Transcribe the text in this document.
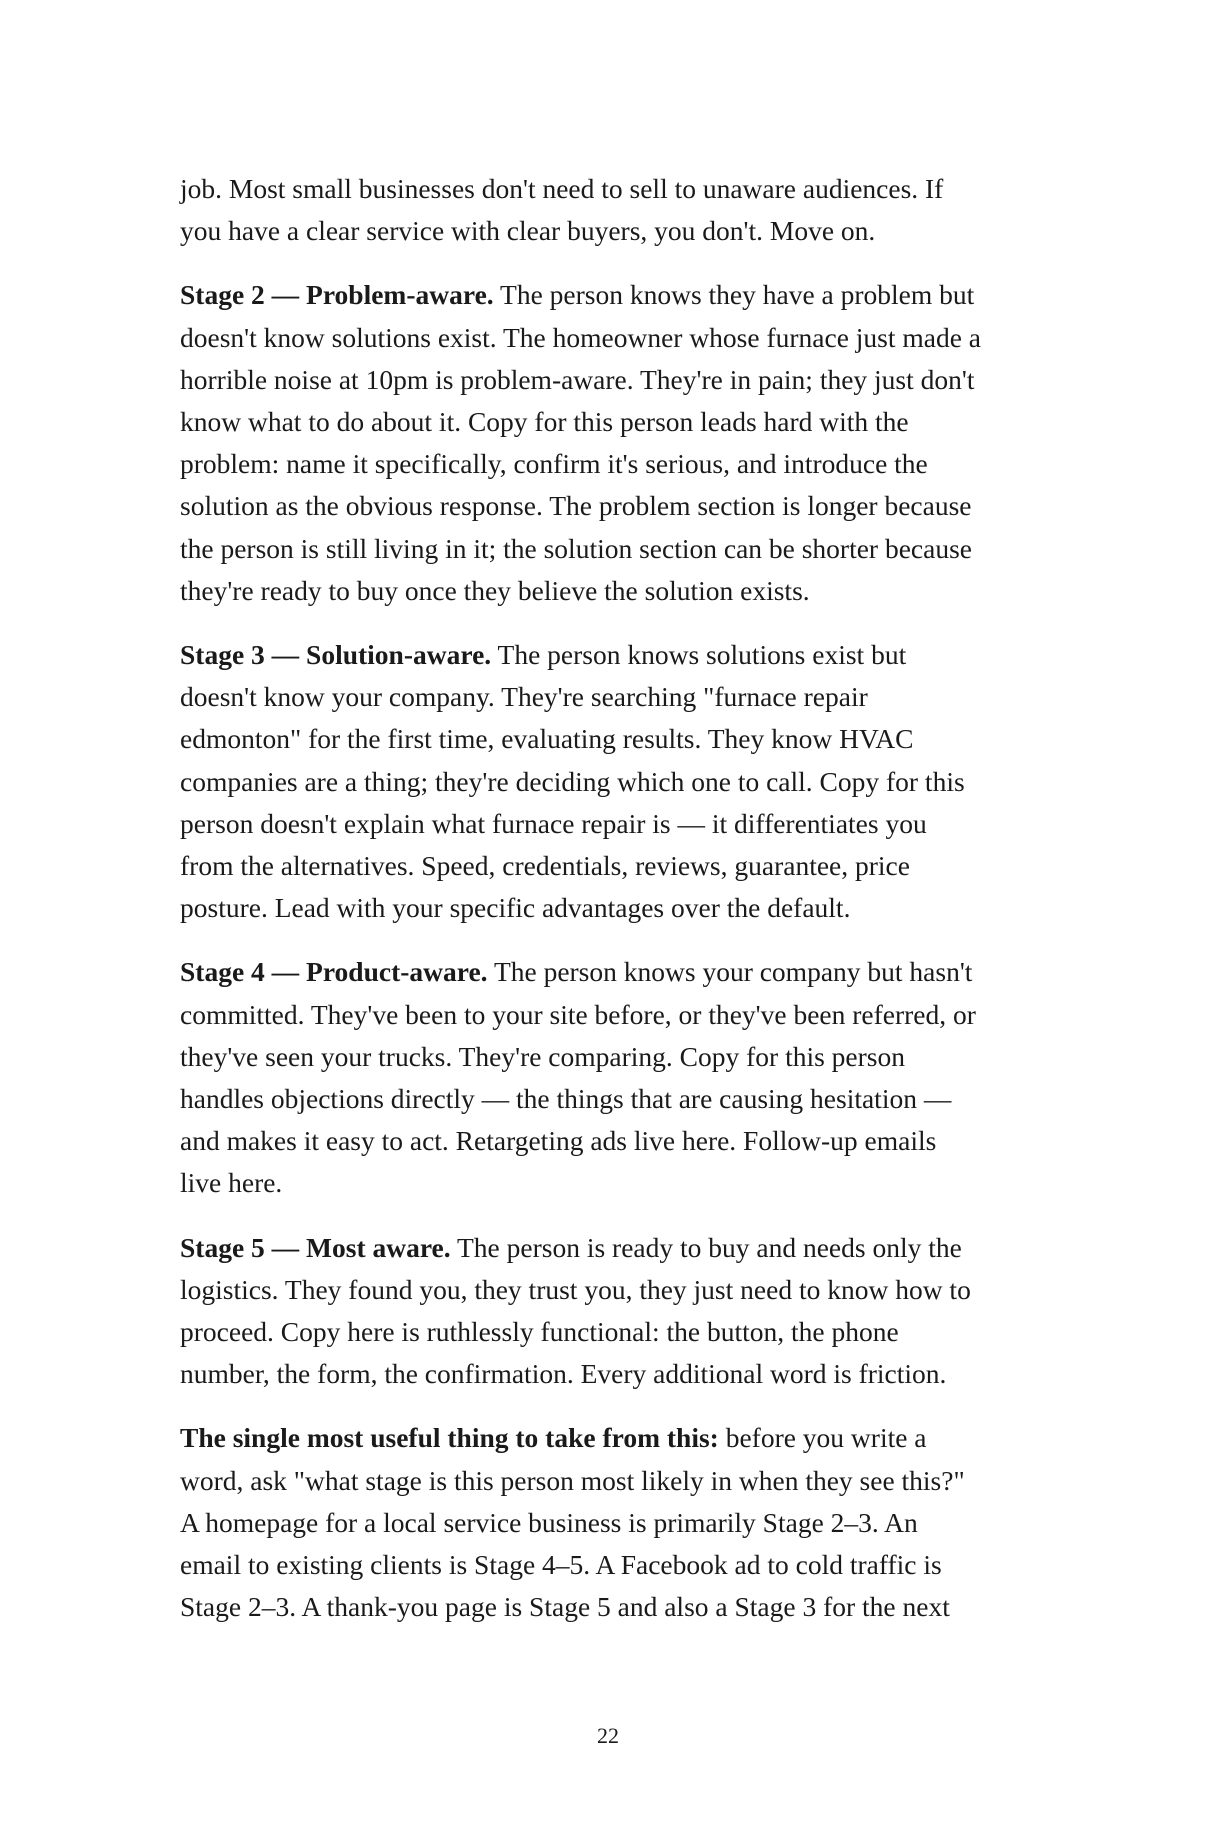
job. Most small businesses don't need to sell to unaware audiences. If
you have a clear service with clear buyers, you don't. Move on.

Stage 2 — Problem-aware. The person knows they have a problem but
doesn't know solutions exist. The homeowner whose furnace just made a
horrible noise at 10pm is problem-aware. They're in pain; they just don't
know what to do about it. Copy for this person leads hard with the
problem: name it specifically, confirm it's serious, and introduce the
solution as the obvious response. The problem section is longer because
the person is still living in it; the solution section can be shorter because
they're ready to buy once they believe the solution exists.

Stage 3 — Solution-aware. The person knows solutions exist but
doesn't know your company. They're searching "furnace repair
edmonton" for the first time, evaluating results. They know HVAC
companies are a thing; they're deciding which one to call. Copy for this
person doesn't explain what furnace repair is — it differentiates you
from the alternatives. Speed, credentials, reviews, guarantee, price
posture. Lead with your specific advantages over the default.

Stage 4 — Product-aware. The person knows your company but hasn't
committed. They've been to your site before, or they've been referred, or
they've seen your trucks. They're comparing. Copy for this person
handles objections directly — the things that are causing hesitation —
and makes it easy to act. Retargeting ads live here. Follow-up emails
live here.

Stage 5 — Most aware. The person is ready to buy and needs only the
logistics. They found you, they trust you, they just need to know how to
proceed. Copy here is ruthlessly functional: the button, the phone
number, the form, the confirmation. Every additional word is friction.

The single most useful thing to take from this: before you write a
word, ask "what stage is this person most likely in when they see this?"
A homepage for a local service business is primarily Stage 2–3. An
email to existing clients is Stage 4–5. A Facebook ad to cold traffic is
Stage 2–3. A thank-you page is Stage 5 and also a Stage 3 for the next

22
